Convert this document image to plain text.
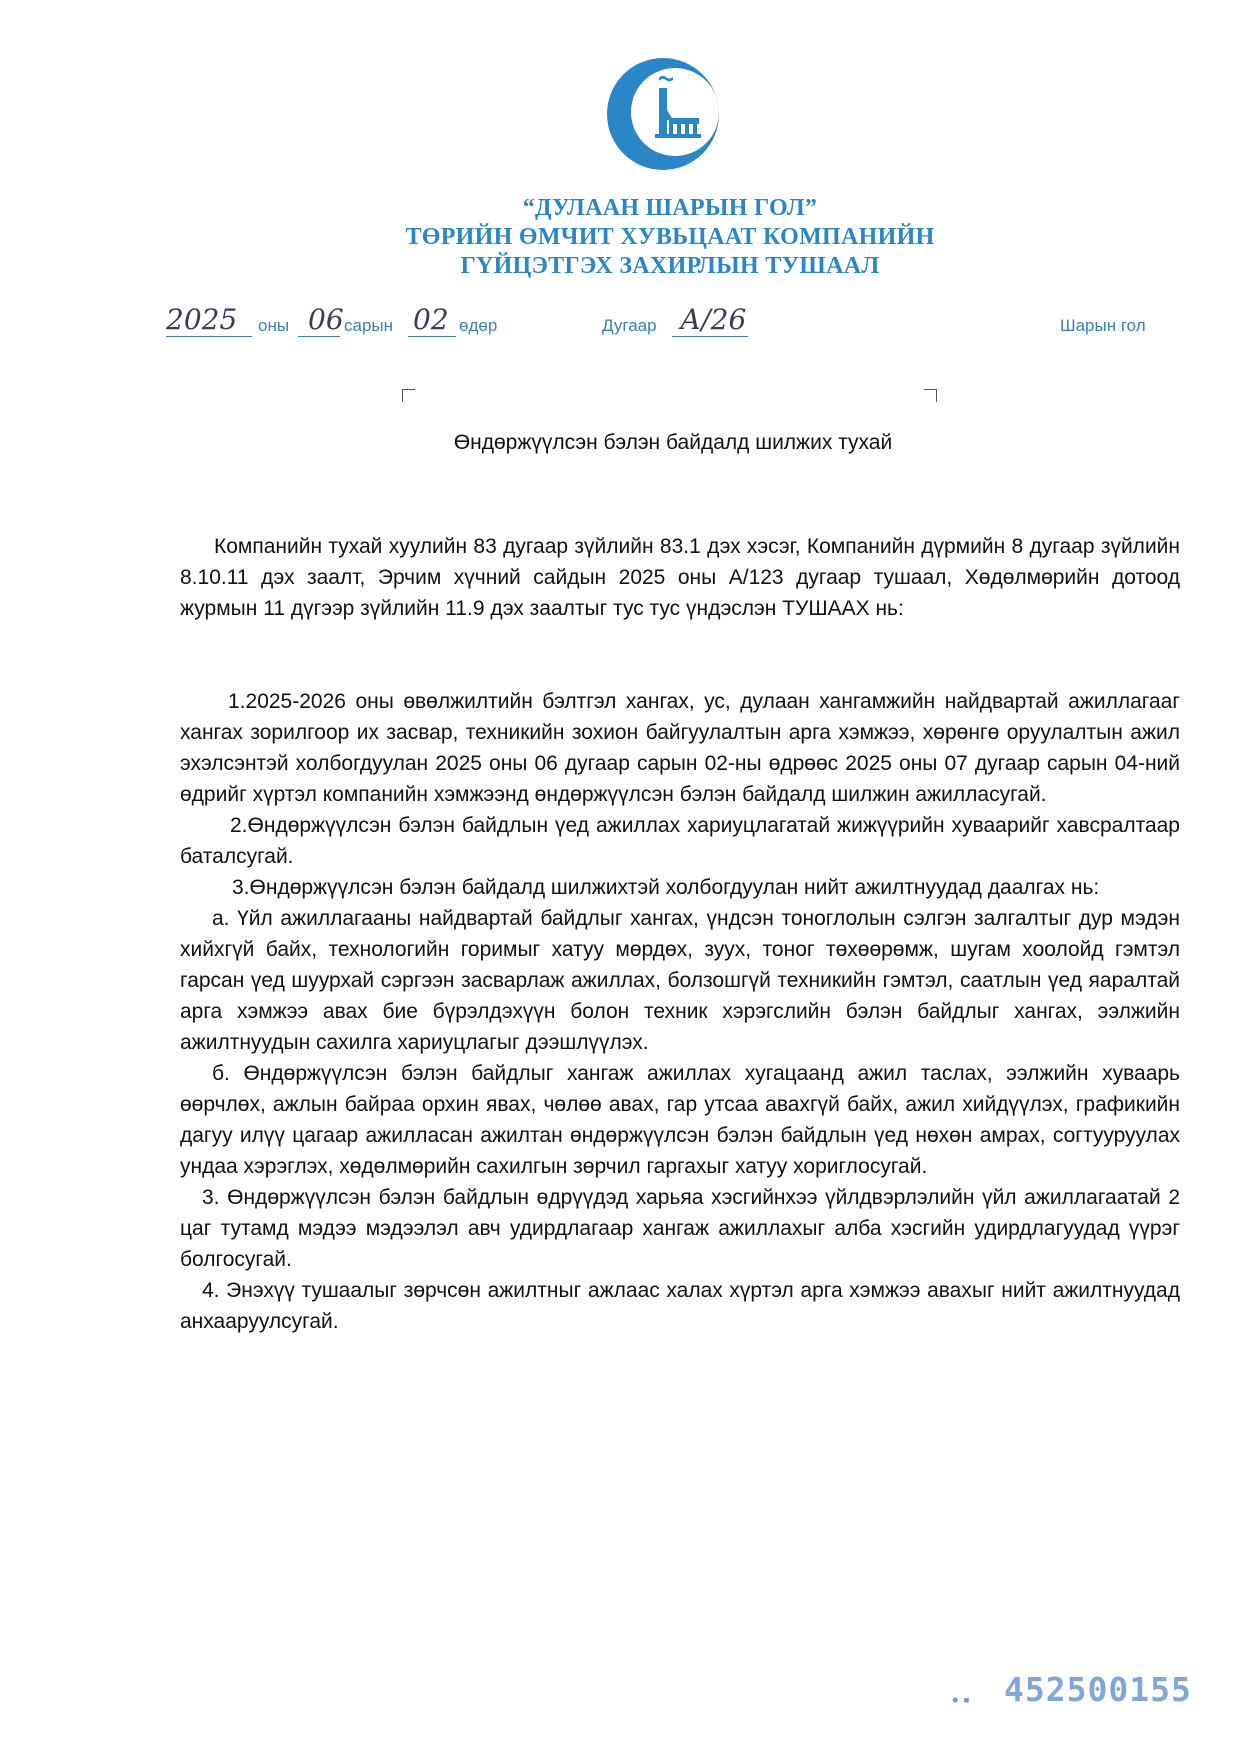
“ДУЛААН ШАРЫН ГОЛ”
ТӨРИЙН ӨМЧИТ ХУВЬЦААТ КОМПАНИЙН
ГҮЙЦЭТГЭХ ЗАХИРЛЫН ТУШААЛ
2025 оны 06 сарын 02 өдөр	Дугаар А/26	Шарын гол
Өндөржүүлсэн бэлэн байдалд шилжих тухай

Компанийн тухай хуулийн 83 дугаар зүйлийн 83.1 дэх хэсэг, Компанийн дүрмийн 8 дугаар зүйлийн 8.10.11 дэх заалт, Эрчим хүчний сайдын 2025 оны А/123 дугаар тушаал, Хөдөлмөрийн дотоод журмын 11 дүгээр зүйлийн 11.9 дэх заалтыг тус тус үндэслэн ТУШААХ нь:

1.2025-2026 оны өвөлжилтийн бэлтгэл хангах, ус, дулаан хангамжийн найдвартай ажиллагааг хангах зорилгоор их засвар, техникийн зохион байгуулалтын арга хэмжээ, хөрөнгө оруулалтын ажил эхэлсэнтэй холбогдуулан 2025 оны 06 дугаар сарын 02-ны өдрөөс 2025 оны 07 дугаар сарын 04-ний өдрийг хүртэл компанийн хэмжээнд өндөржүүлсэн бэлэн байдалд шилжин ажилласугай.

2.Өндөржүүлсэн бэлэн байдлын үед ажиллах хариуцлагатай жижүүрийн хуваарийг хавсралтаар баталсугай.

3.Өндөржүүлсэн бэлэн байдалд шилжихтэй холбогдуулан нийт ажилтнуудад даалгах нь:

а. Үйл ажиллагааны найдвартай байдлыг хангах, үндсэн тоноглолын сэлгэн залгалтыг дур мэдэн хийхгүй байх, технологийн горимыг хатуу мөрдөх, зуух, тоног төхөөрөмж, шугам хоолойд гэмтэл гарсан үед шуурхай сэргээн засварлаж ажиллах, болзошгүй техникийн гэмтэл, саатлын үед яаралтай арга хэмжээ авах бие бүрэлдэхүүн болон техник хэрэгслийн бэлэн байдлыг хангах, ээлжийн ажилтнуудын сахилга хариуцлагыг дээшлүүлэх.

б. Өндөржүүлсэн бэлэн байдлыг хангаж ажиллах хугацаанд ажил таслах, ээлжийн хуваарь өөрчлөх, ажлын байраа орхин явах, чөлөө авах, гар утсаа авахгүй байх, ажил хийдүүлэх, графикийн дагуу илүү цагаар ажилласан ажилтан өндөржүүлсэн бэлэн байдлын үед нөхөн амрах, согтууруулах ундаа хэрэглэх, хөдөлмөрийн сахилгын зөрчил гаргахыг хатуу хориглосугай.

3. Өндөржүүлсэн бэлэн байдлын өдрүүдэд харьяа хэсгийнхээ үйлдвэрлэлийн үйл ажиллагаатай 2 цаг тутамд мэдээ мэдээлэл авч удирдлагаар хангаж ажиллахыг алба хэсгийн удирдлагуудад үүрэг болгосугай.

4. Энэхүү тушаалыг зөрчсөн ажилтныг ажлаас халах хүртэл арга хэмжээ авахыг нийт ажилтнуудад анхааруулсугай.

• ▪ 452500155
